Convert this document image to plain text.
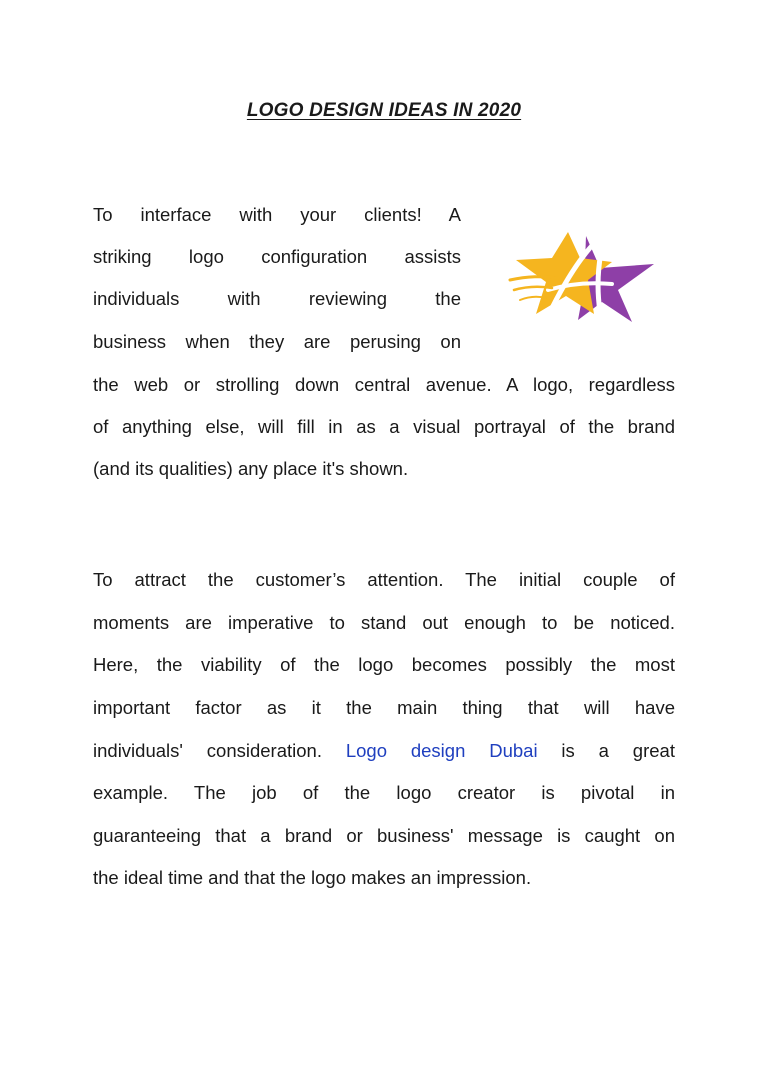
LOGO DESIGN IDEAS IN 2020
To interface with your clients! A
striking logo configuration assists
individuals with reviewing the
business when they are perusing on
the web or strolling down central avenue. A logo, regardless
of anything else, will fill in as a visual portrayal of the brand
(and its qualities) any place it's shown.
To attract the customer’s attention. The initial couple of
moments are imperative to stand out enough to be noticed.
Here, the viability of the logo becomes possibly the most
important factor as it the main thing that will have
individuals' consideration. Logo design Dubai is a great
example. The job of the logo creator is pivotal in
guaranteeing that a brand or business' message is caught on
the ideal time and that the logo makes an impression.
